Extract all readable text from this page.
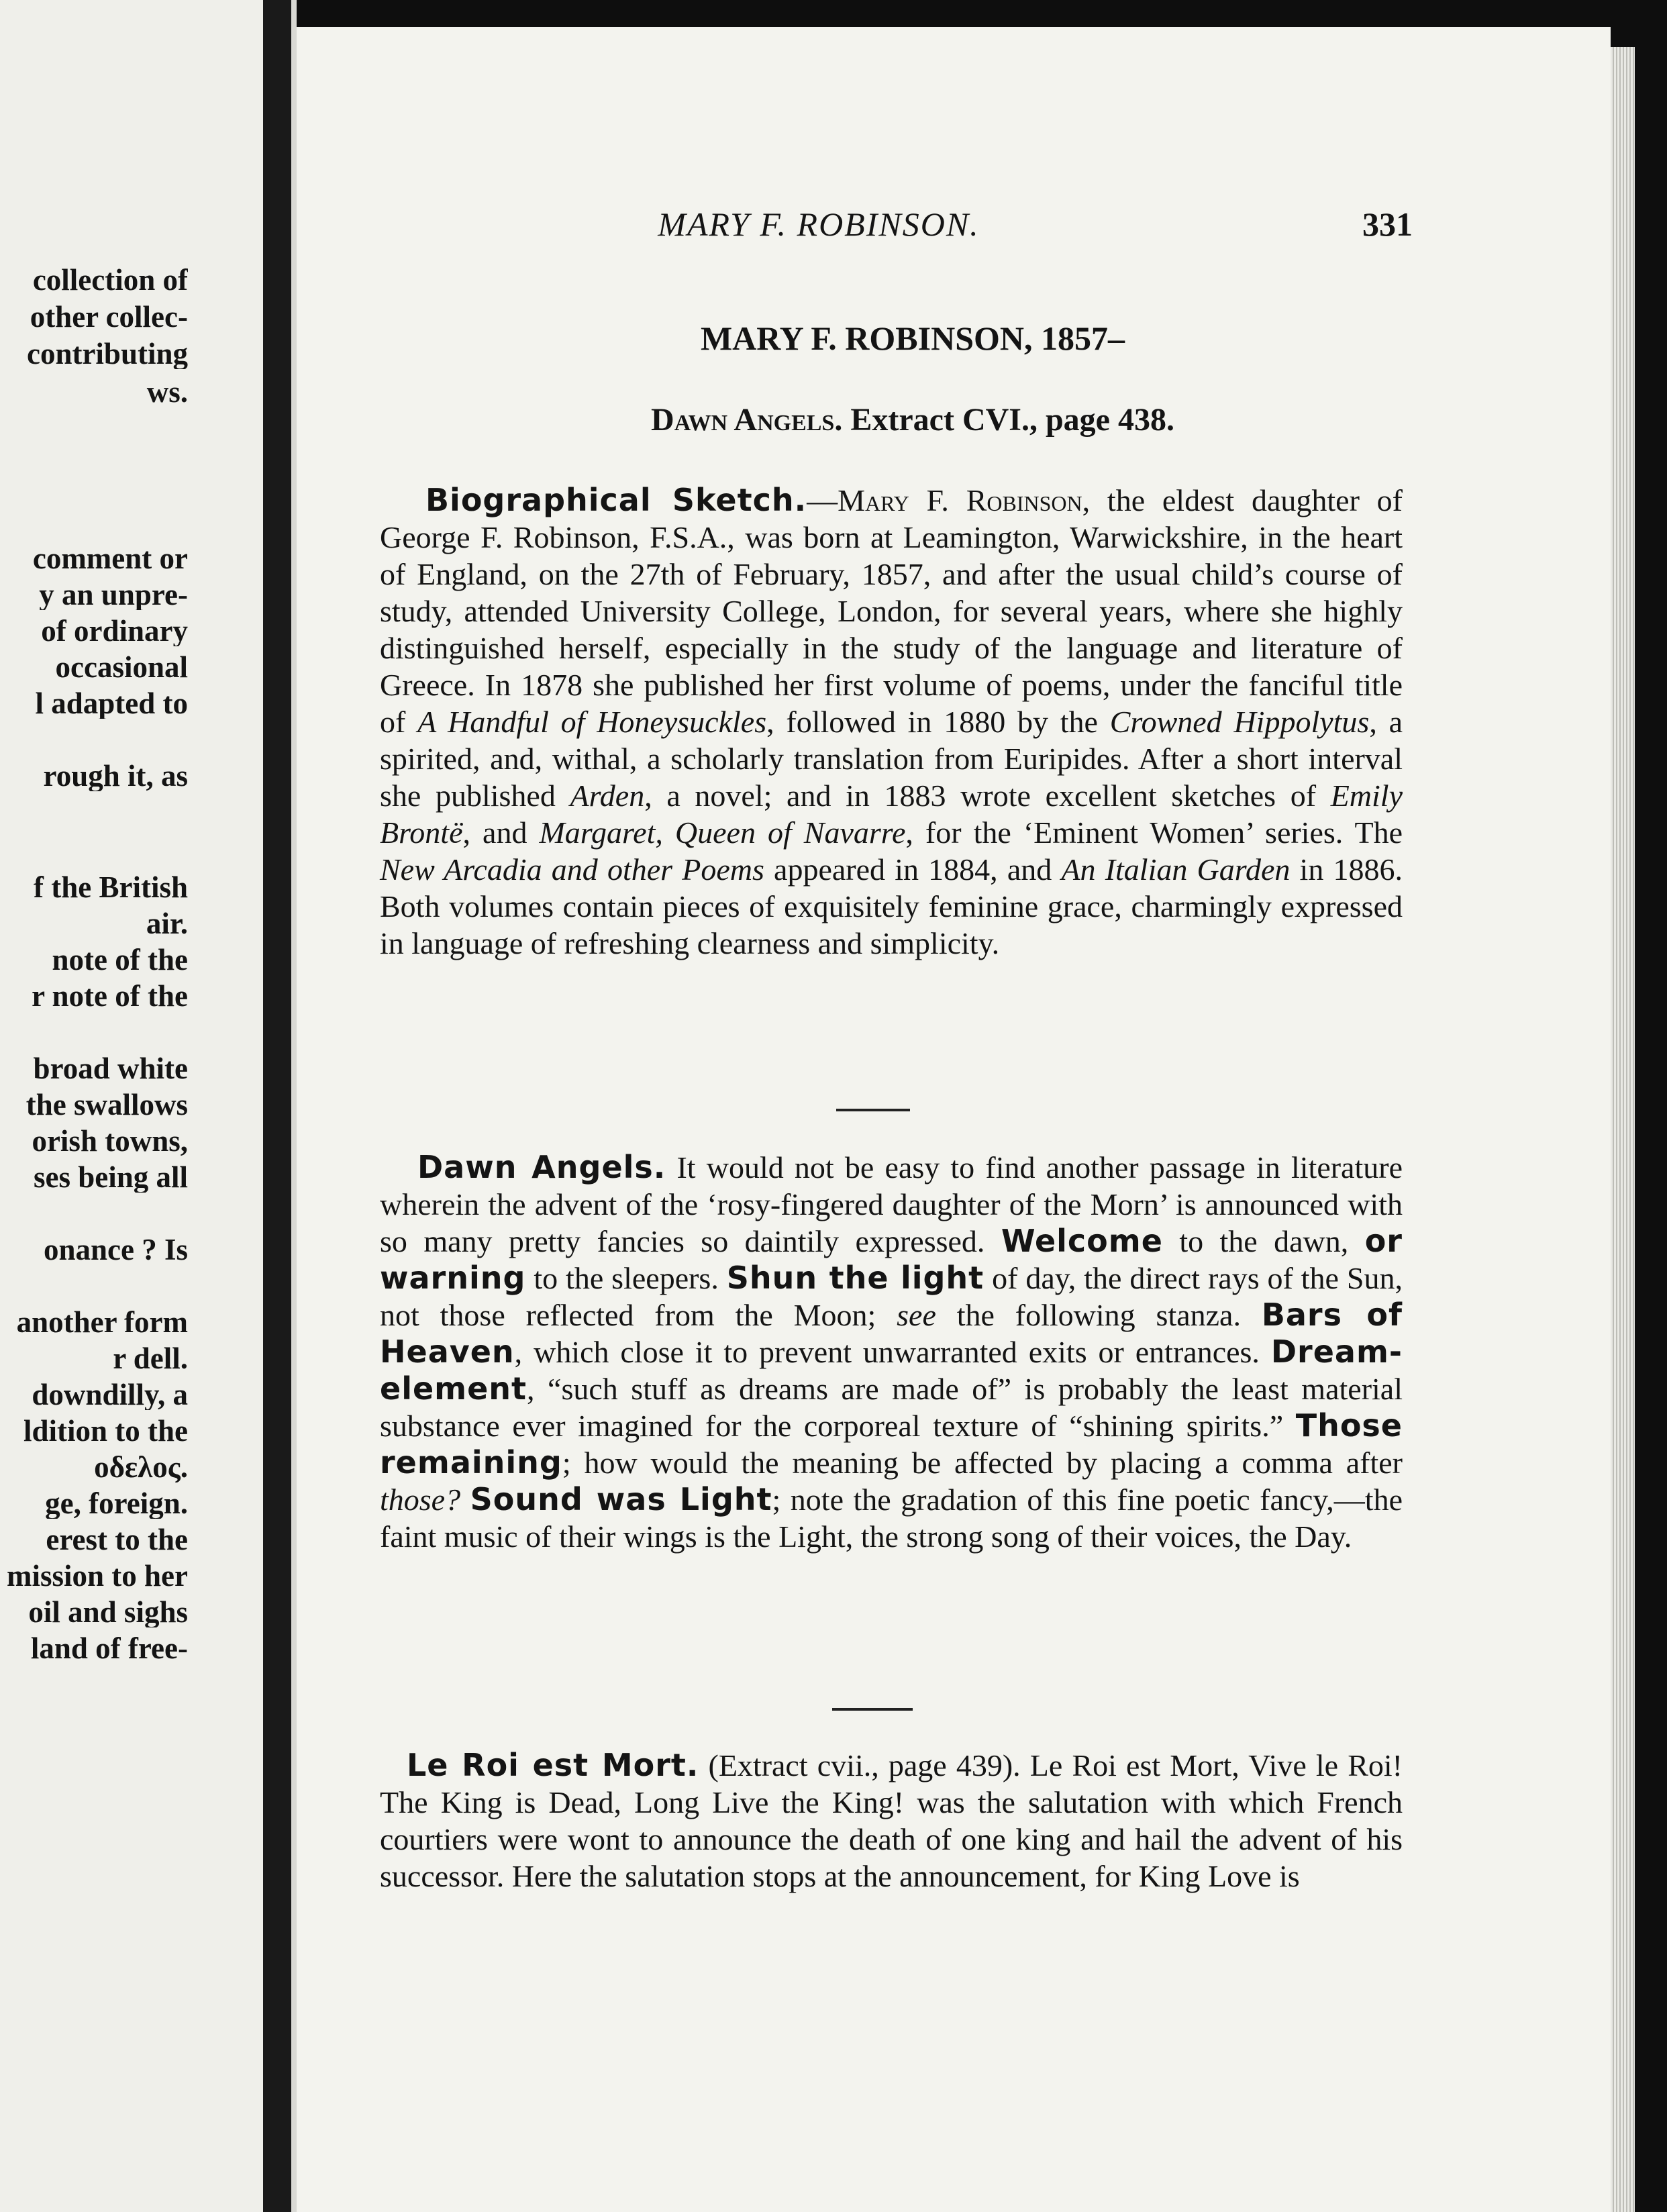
collection of
other collec-
contributing
ws.
comment or
y an unpre-
of ordinary
occasional
l adapted to
rough it, as
f the British
air.
note of the
r note of the
broad white
the swallows
orish towns,
ses being all
onance ? Is
another form
r dell.
downdilly, a
ldition to the
οδελος.
ge, foreign.
erest to the
mission to her
oil and sighs
land of free-
MARY F. ROBINSON.	331
MARY F. ROBINSON, 1857–
Dawn Angels. Extract CVI., page 438.
Biographical Sketch.—Mary F. Robinson, the eldest daughter of George F. Robinson, F.S.A., was born at Leamington, Warwickshire, in the heart of England, on the 27th of February, 1857, and after the usual child’s course of study, attended University College, London, for several years, where she highly distinguished herself, especially in the study of the language and literature of Greece. In 1878 she published her first volume of poems, under the fanciful title of A Handful of Honeysuckles, followed in 1880 by the Crowned Hippolytus, a spirited, and, withal, a scholarly translation from Euripides. After a short interval she published Arden, a novel; and in 1883 wrote excellent sketches of Emily Brontë, and Margaret, Queen of Navarre, for the ‘Eminent Women’ series. The New Arcadia and other Poems appeared in 1884, and An Italian Garden in 1886. Both volumes contain pieces of exquisitely feminine grace, charmingly expressed in language of refreshing clearness and simplicity.
Dawn Angels. It would not be easy to find another passage in literature wherein the advent of the ‘rosy-fingered daughter of the Morn’ is announced with so many pretty fancies so daintily expressed. Welcome to the dawn, or warning to the sleepers. Shun the light of day, the direct rays of the Sun, not those reflected from the Moon; see the following stanza. Bars of Heaven, which close it to prevent unwarranted exits or entrances. Dream-element, “such stuff as dreams are made of” is probably the least material substance ever imagined for the corporeal texture of “shining spirits.” Those remaining; how would the meaning be affected by placing a comma after those? Sound was Light; note the gradation of this fine poetic fancy,—the faint music of their wings is the Light, the strong song of their voices, the Day.
Le Roi est Mort. (Extract cvii., page 439). Le Roi est Mort, Vive le Roi! The King is Dead, Long Live the King! was the salutation with which French courtiers were wont to announce the death of one king and hail the advent of his successor. Here the salutation stops at the announcement, for King Love is
